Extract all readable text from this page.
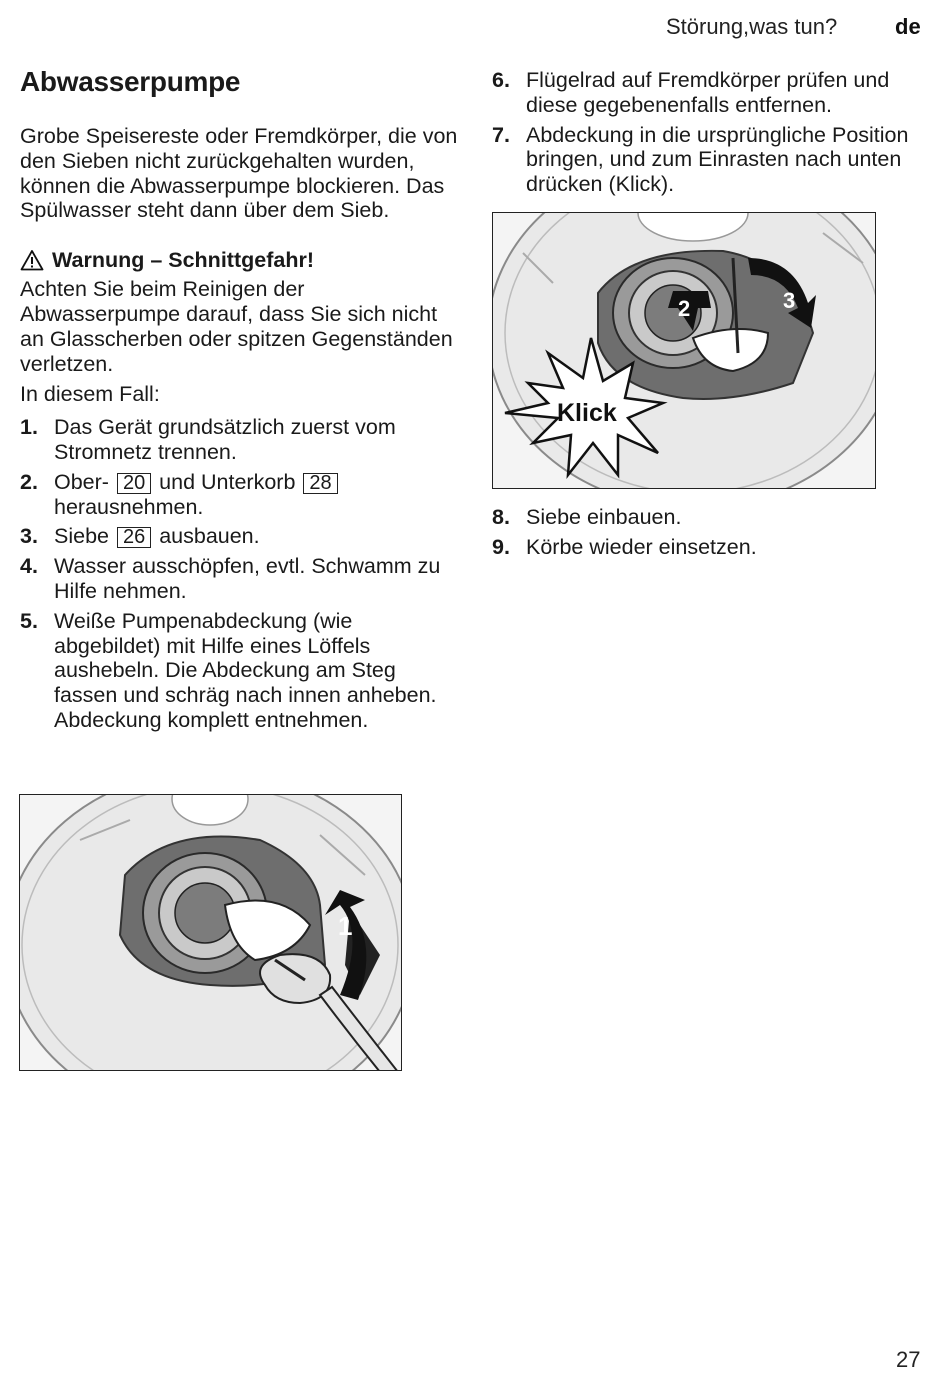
Störung,was tun?	de
Abwasserpumpe

Grobe Speisereste oder Fremdkörper, die von den Sieben nicht zurückgehalten wurden, können die Abwasserpumpe blockieren. Das Spülwasser steht dann über dem Sieb.

Warnung – Schnittgefahr!

Achten Sie beim Reinigen der Abwasserpumpe darauf, dass Sie sich nicht an Glasscherben oder spitzen Gegenständen verletzen.

In diesem Fall:

1. Das Gerät grundsätzlich zuerst vom Stromnetz trennen.
2. Ober- 20 und Unterkorb 28 herausnehmen.
3. Siebe 26 ausbauen.
4. Wasser ausschöpfen, evtl. Schwamm zu Hilfe nehmen.
5. Weiße Pumpenabdeckung (wie abgebildet) mit Hilfe eines Löffels aushebeln. Die Abdeckung am Steg fassen und schräg nach innen anheben. Abdeckung komplett entnehmen.
1
6. Flügelrad auf Fremdkörper prüfen und diese gegebenenfalls entfernen.
7. Abdeckung in die ursprüngliche Position bringen, und zum Einrasten nach unten drücken (Klick).
2	3
Klick
8. Siebe einbauen.
9. Körbe wieder einsetzen.
27
